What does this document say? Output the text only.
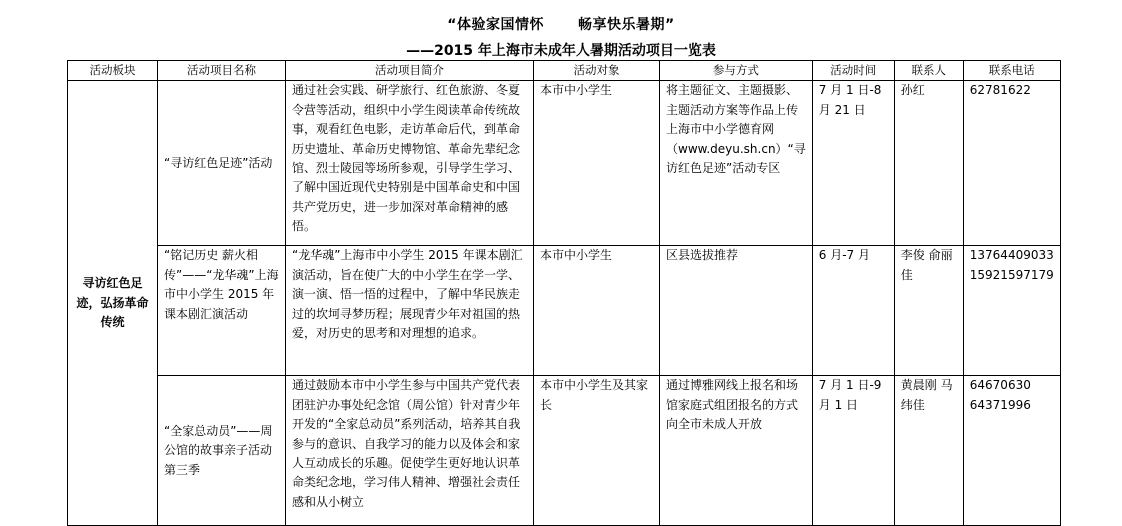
“体验家国情怀 畅享快乐暑期”
——2015 年上海市未成年人暑期活动项目一览表
活动板块	活动项目名称	活动项目简介	活动对象	参与方式	活动时间	联系人	联系电话
寻访红色足迹，弘扬革命传统	“寻访红色足迹”活动	通过社会实践、研学旅行、红色旅游、冬夏令营等活动，组织中小学生阅读革命传统故事，观看红色电影，走访革命后代，到革命历史遗址、革命历史博物馆、革命先辈纪念馆、烈士陵园等场所参观，引导学生学习、了解中国近现代史特别是中国革命史和中国共产党历史，进一步加深对革命精神的感悟。	本市中小学生	将主题征文、主题摄影、主题活动方案等作品上传上海市中小学德育网（www.deyu.sh.cn）“寻访红色足迹”活动专区	7 月 1 日-8 月 21 日	孙红	62781622
	“铭记历史 薪火相传”——“龙华魂”上海市中小学生 2015 年课本剧汇演活动	“龙华魂”上海市中小学生 2015 年课本剧汇演活动，旨在使广大的中小学生在学一学、演一演、悟一悟的过程中，了解中华民族走过的坎坷寻梦历程；展现青少年对祖国的热爱，对历史的思考和对理想的追求。	本市中小学生	区县选拔推荐	6 月-7 月	李俊 俞丽佳	13764409033 15921597179
	“全家总动员”——周公馆的故事亲子活动第三季	通过鼓励本市中小学生参与中国共产党代表团驻沪办事处纪念馆（周公馆）针对青少年开发的“全家总动员”系列活动，培养其自我参与的意识、自我学习的能力以及体会和家人互动成长的乐趣。促使学生更好地认识革命类纪念地，学习伟人精神、增强社会责任感和从小树立	本市中小学生及其家长	通过博雅网线上报名和场馆家庭式组团报名的方式向全市未成人开放	7 月 1 日-9 月 1 日	黄晨刚 马纬佳	64670630 64371996
